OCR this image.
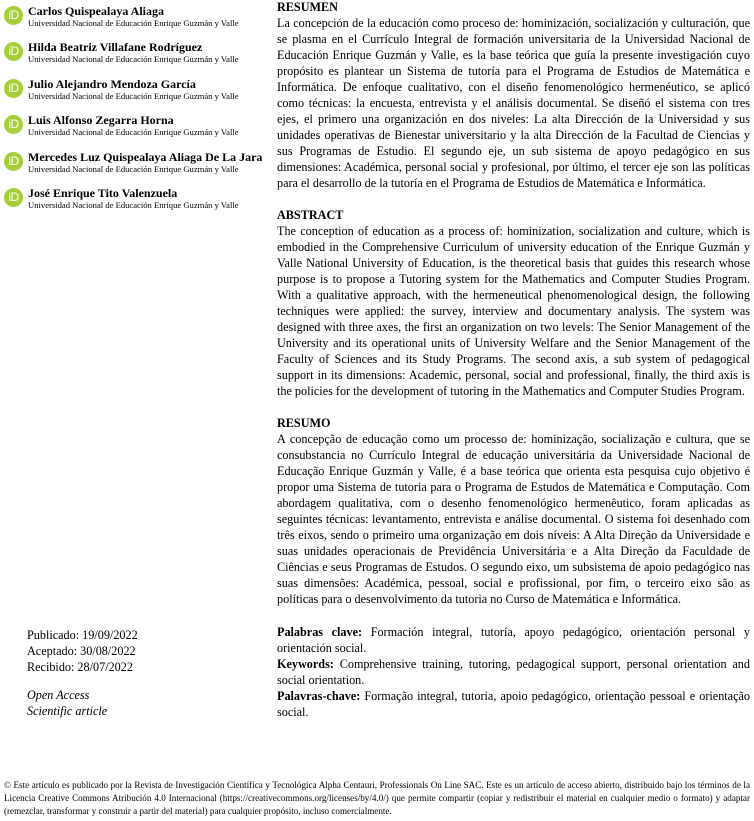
iD Carlos Quispealaya Aliaga
Universidad Nacional de Educación Enrique Guzmán y Valle
iD Hilda Beatriz Villafane Rodríguez
Universidad Nacional de Educación Enrique Guzmán y Valle
iD Julio Alejandro Mendoza García
Universidad Nacional de Educación Enrique Guzmán y Valle
iD Luis Alfonso Zegarra Horna
Universidad Nacional de Educación Enrique Guzmán y Valle
iD Mercedes Luz Quispealaya Aliaga De La Jara
Universidad Nacional de Educación Enrique Guzmán y Valle
iD José Enrique Tito Valenzuela
Universidad Nacional de Educación Enrique Guzmán y Valle
Publicado: 19/09/2022
Aceptado: 30/08/2022
Recibido: 28/07/2022
Open Access
Scientific article
RESUMEN

La concepción de la educación como proceso de: hominización, socialización y culturación, que se plasma en el Currículo Integral de formación universitaria de la Universidad Nacional de Educación Enrique Guzmán y Valle, es la base teórica que guía la presente investigación cuyo propósito es plantear un Sistema de tutoría para el Programa de Estudios de Matemática e Informática. De enfoque cualitativo, con el diseño fenomenológico hermenéutico, se aplicó como técnicas: la encuesta, entrevista y el análisis documental. Se diseñó el sistema con tres ejes, el primero una organización en dos niveles: La alta Dirección de la Universidad y sus unidades operativas de Bienestar universitario y la alta Dirección de la Facultad de Ciencias y sus Programas de Estudio. El segundo eje, un sub sistema de apoyo pedagógico en sus dimensiones: Académica, personal social y profesional, por último, el tercer eje son las políticas para el desarrollo de la tutoría en el Programa de Estudios de Matemática e Informática.

ABSTRACT

The conception of education as a process of: hominization, socialization and culture, which is embodied in the Comprehensive Curriculum of university education of the Enrique Guzmán y Valle National University of Education, is the theoretical basis that guides this research whose purpose is to propose a Tutoring system for the Mathematics and Computer Studies Program. With a qualitative approach, with the hermeneutical phenomenological design, the following techniques were applied: the survey, interview and documentary analysis. The system was designed with three axes, the first an organization on two levels: The Senior Management of the University and its operational units of University Welfare and the Senior Management of the Faculty of Sciences and its Study Programs. The second axis, a sub system of pedagogical support in its dimensions: Academic, personal, social and professional, finally, the third axis is the policies for the development of tutoring in the Mathematics and Computer Studies Program.

RESUMO

A concepção de educação como um processo de: hominização, socialização e cultura, que se consubstancia no Currículo Integral de educação universitária da Universidade Nacional de Educação Enrique Guzmán y Valle, é a base teórica que orienta esta pesquisa cujo objetivo é propor uma Sistema de tutoria para o Programa de Estudos de Matemática e Computação. Com abordagem qualitativa, com o desenho fenomenológico hermenêutico, foram aplicadas as seguintes técnicas: levantamento, entrevista e análise documental. O sistema foi desenhado com três eixos, sendo o primeiro uma organização em dois níveis: A Alta Direção da Universidade e suas unidades operacionais de Previdência Universitária e a Alta Direção da Faculdade de Ciências e seus Programas de Estudos. O segundo eixo, um subsistema de apoio pedagógico nas suas dimensões: Académica, pessoal, social e profissional, por fim, o terceiro eixo são as políticas para o desenvolvimento da tutoria no Curso de Matemática e Informática.

Palabras clave: Formación integral, tutoría, apoyo pedagógico, orientación personal y orientación social.

Keywords: Comprehensive training, tutoring, pedagogical support, personal orientation and social orientation.

Palavras-chave: Formação integral, tutoria, apoio pedagógico, orientação pessoal e orientação social.

© Este artículo es publicado por la Revista de Investigación Científica y Tecnológica Alpha Centauri, Professionals On Line SAC. Este es un artículo de acceso abierto, distribuido bajo los términos de la Licencia Creative Commons Atribución 4.0 Internacional (https://creativecommons.org/licenses/by/4.0/) que permite compartir (copiar y redistribuir el material en cualquier medio o formato) y adaptar (remezclar, transformar y construir a partir del material) para cualquier propósito, incluso comercialmente.
